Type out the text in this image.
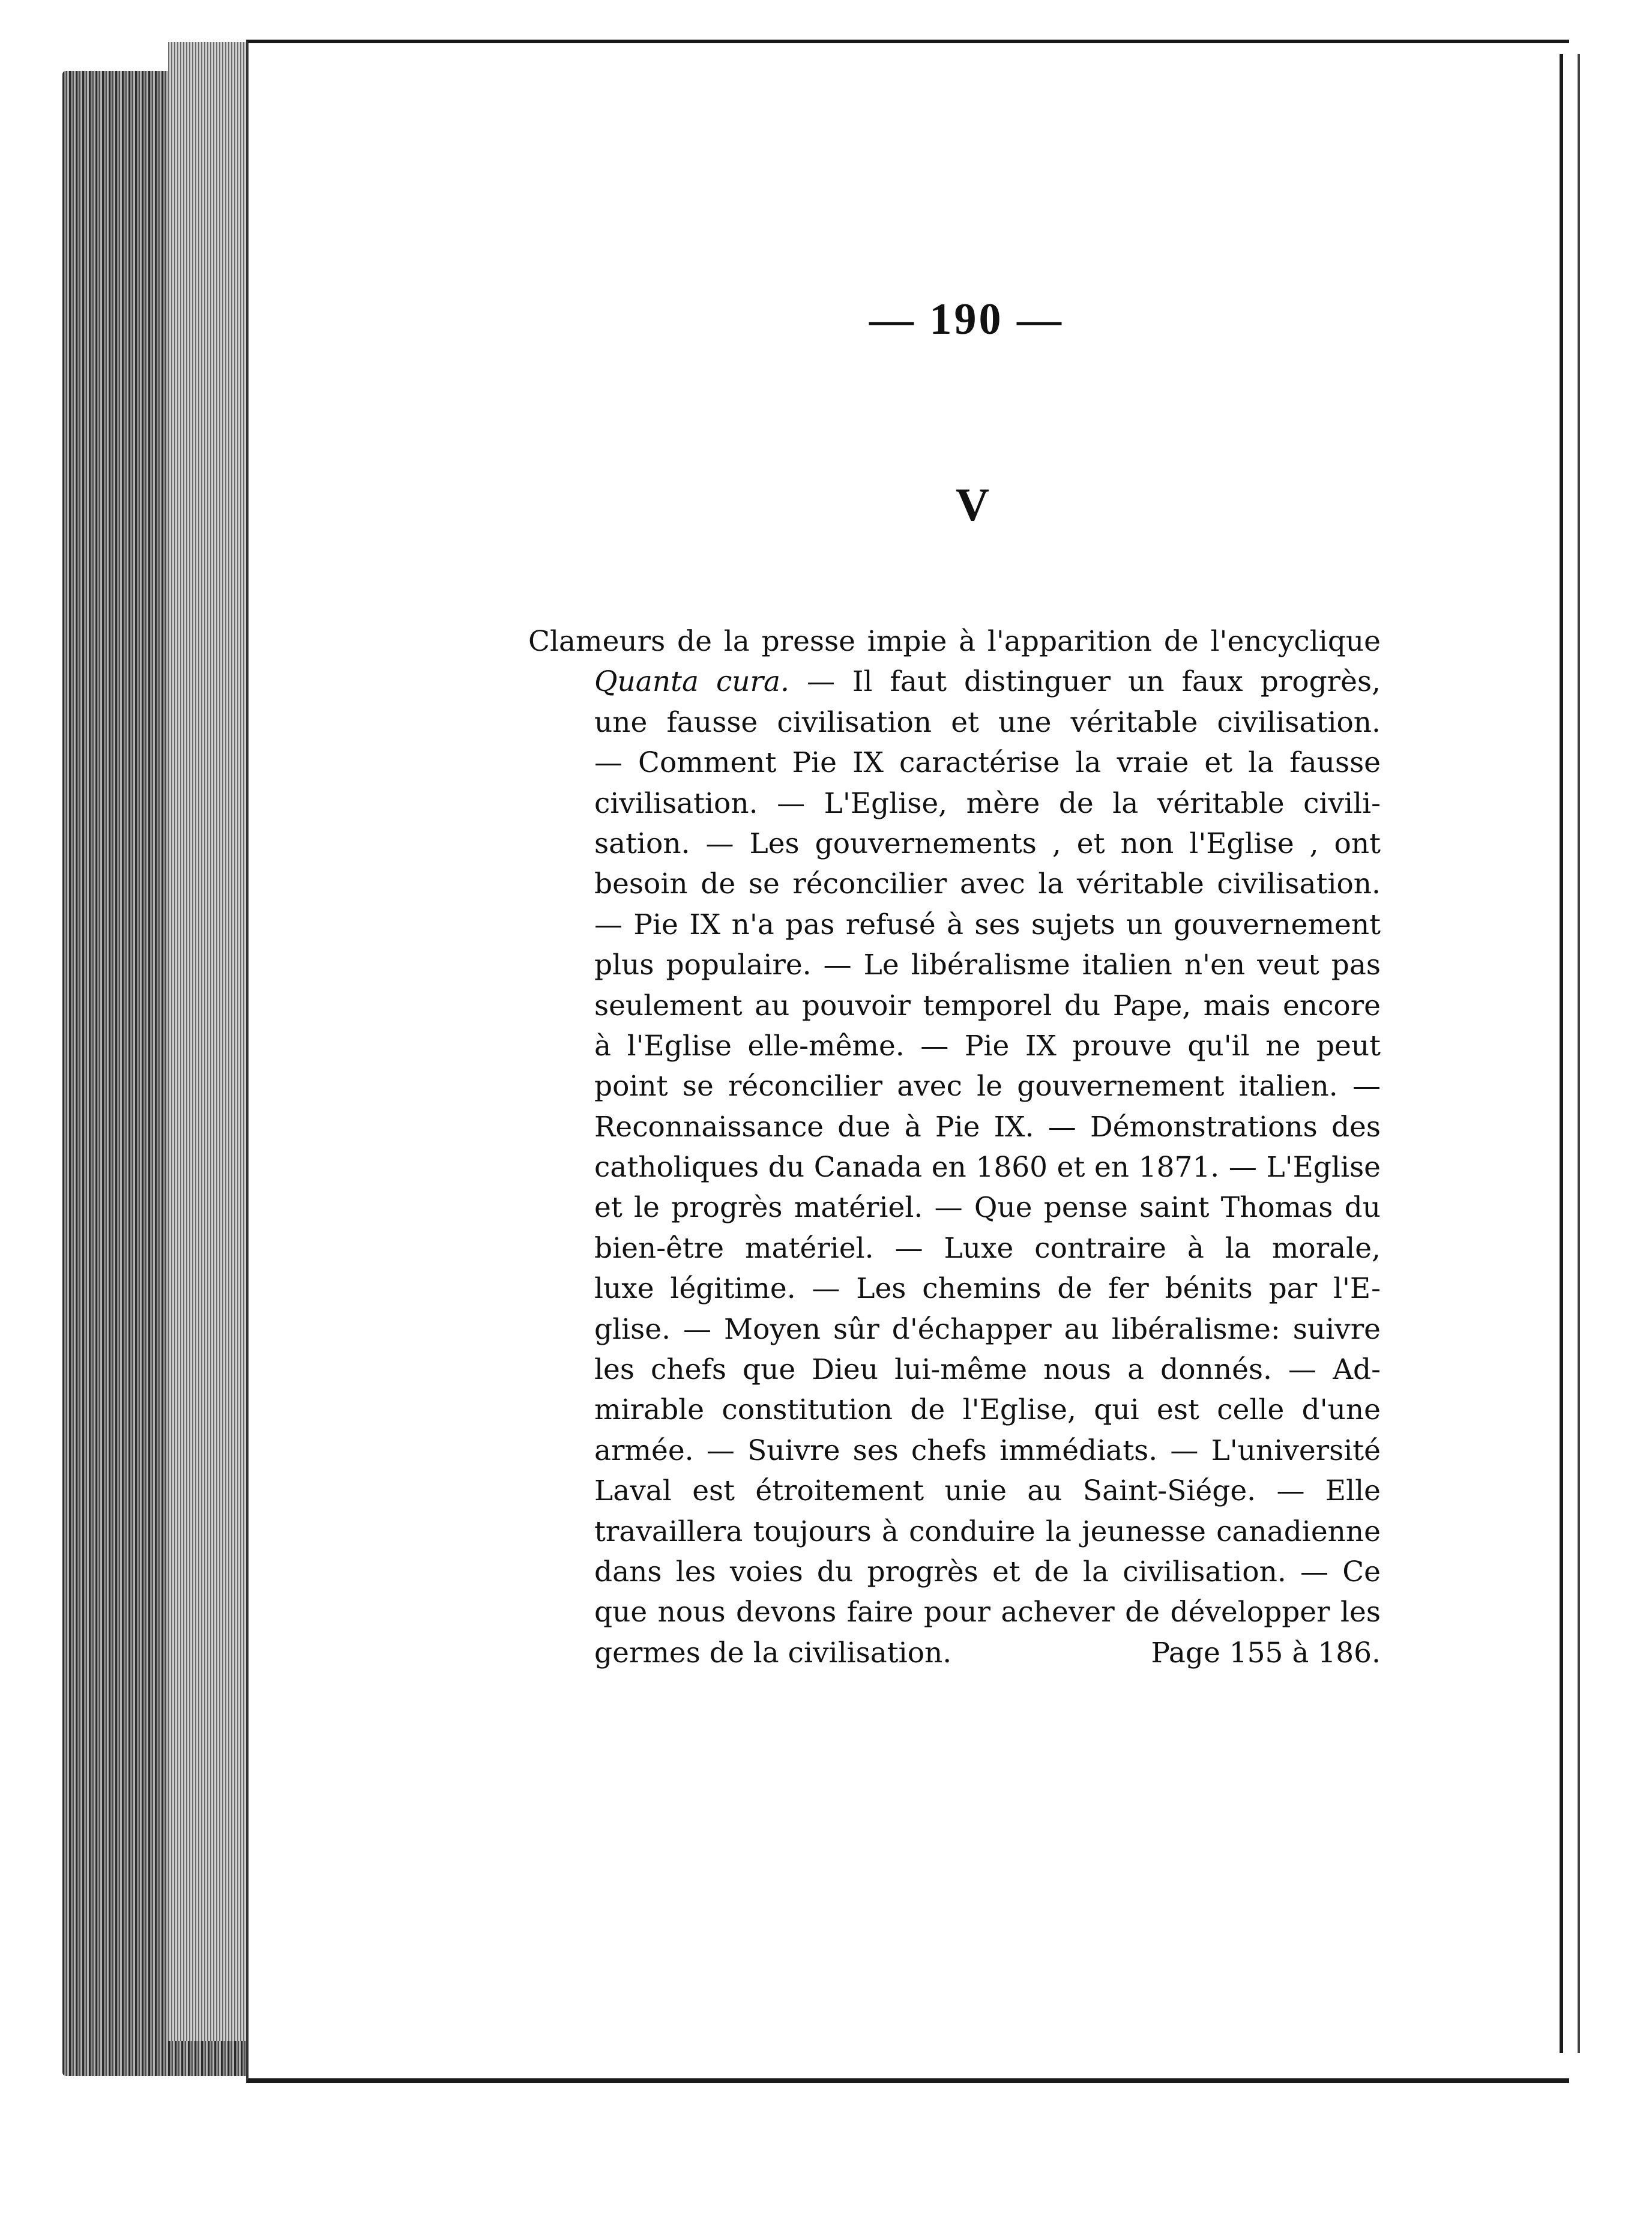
— 190 —
V
Clameurs de la presse impie à l'apparition de l'encyclique
Quanta cura. — Il faut distinguer un faux progrès,
une fausse civilisation et une véritable civilisation.
— Comment Pie IX caractérise la vraie et la fausse
civilisation. — L'Eglise, mère de la véritable civili-
sation. — Les gouvernements , et non l'Eglise , ont
besoin de se réconcilier avec la véritable civilisation.
— Pie IX n'a pas refusé à ses sujets un gouvernement
plus populaire. — Le libéralisme italien n'en veut pas
seulement au pouvoir temporel du Pape, mais encore
à l'Eglise elle-même. — Pie IX prouve qu'il ne peut
point se réconcilier avec le gouvernement italien. —
Reconnaissance due à Pie IX. — Démonstrations des
catholiques du Canada en 1860 et en 1871. — L'Eglise
et le progrès matériel. — Que pense saint Thomas du
bien-être matériel. — Luxe contraire à la morale,
luxe légitime. — Les chemins de fer bénits par l'E-
glise. — Moyen sûr d'échapper au libéralisme: suivre
les chefs que Dieu lui-même nous a donnés. — Ad-
mirable constitution de l'Eglise, qui est celle d'une
armée. — Suivre ses chefs immédiats. — L'université
Laval est étroitement unie au Saint-Siége. — Elle
travaillera toujours à conduire la jeunesse canadienne
dans les voies du progrès et de la civilisation. — Ce
que nous devons faire pour achever de développer les
germes de la civilisation.	Page 155 à 186.
